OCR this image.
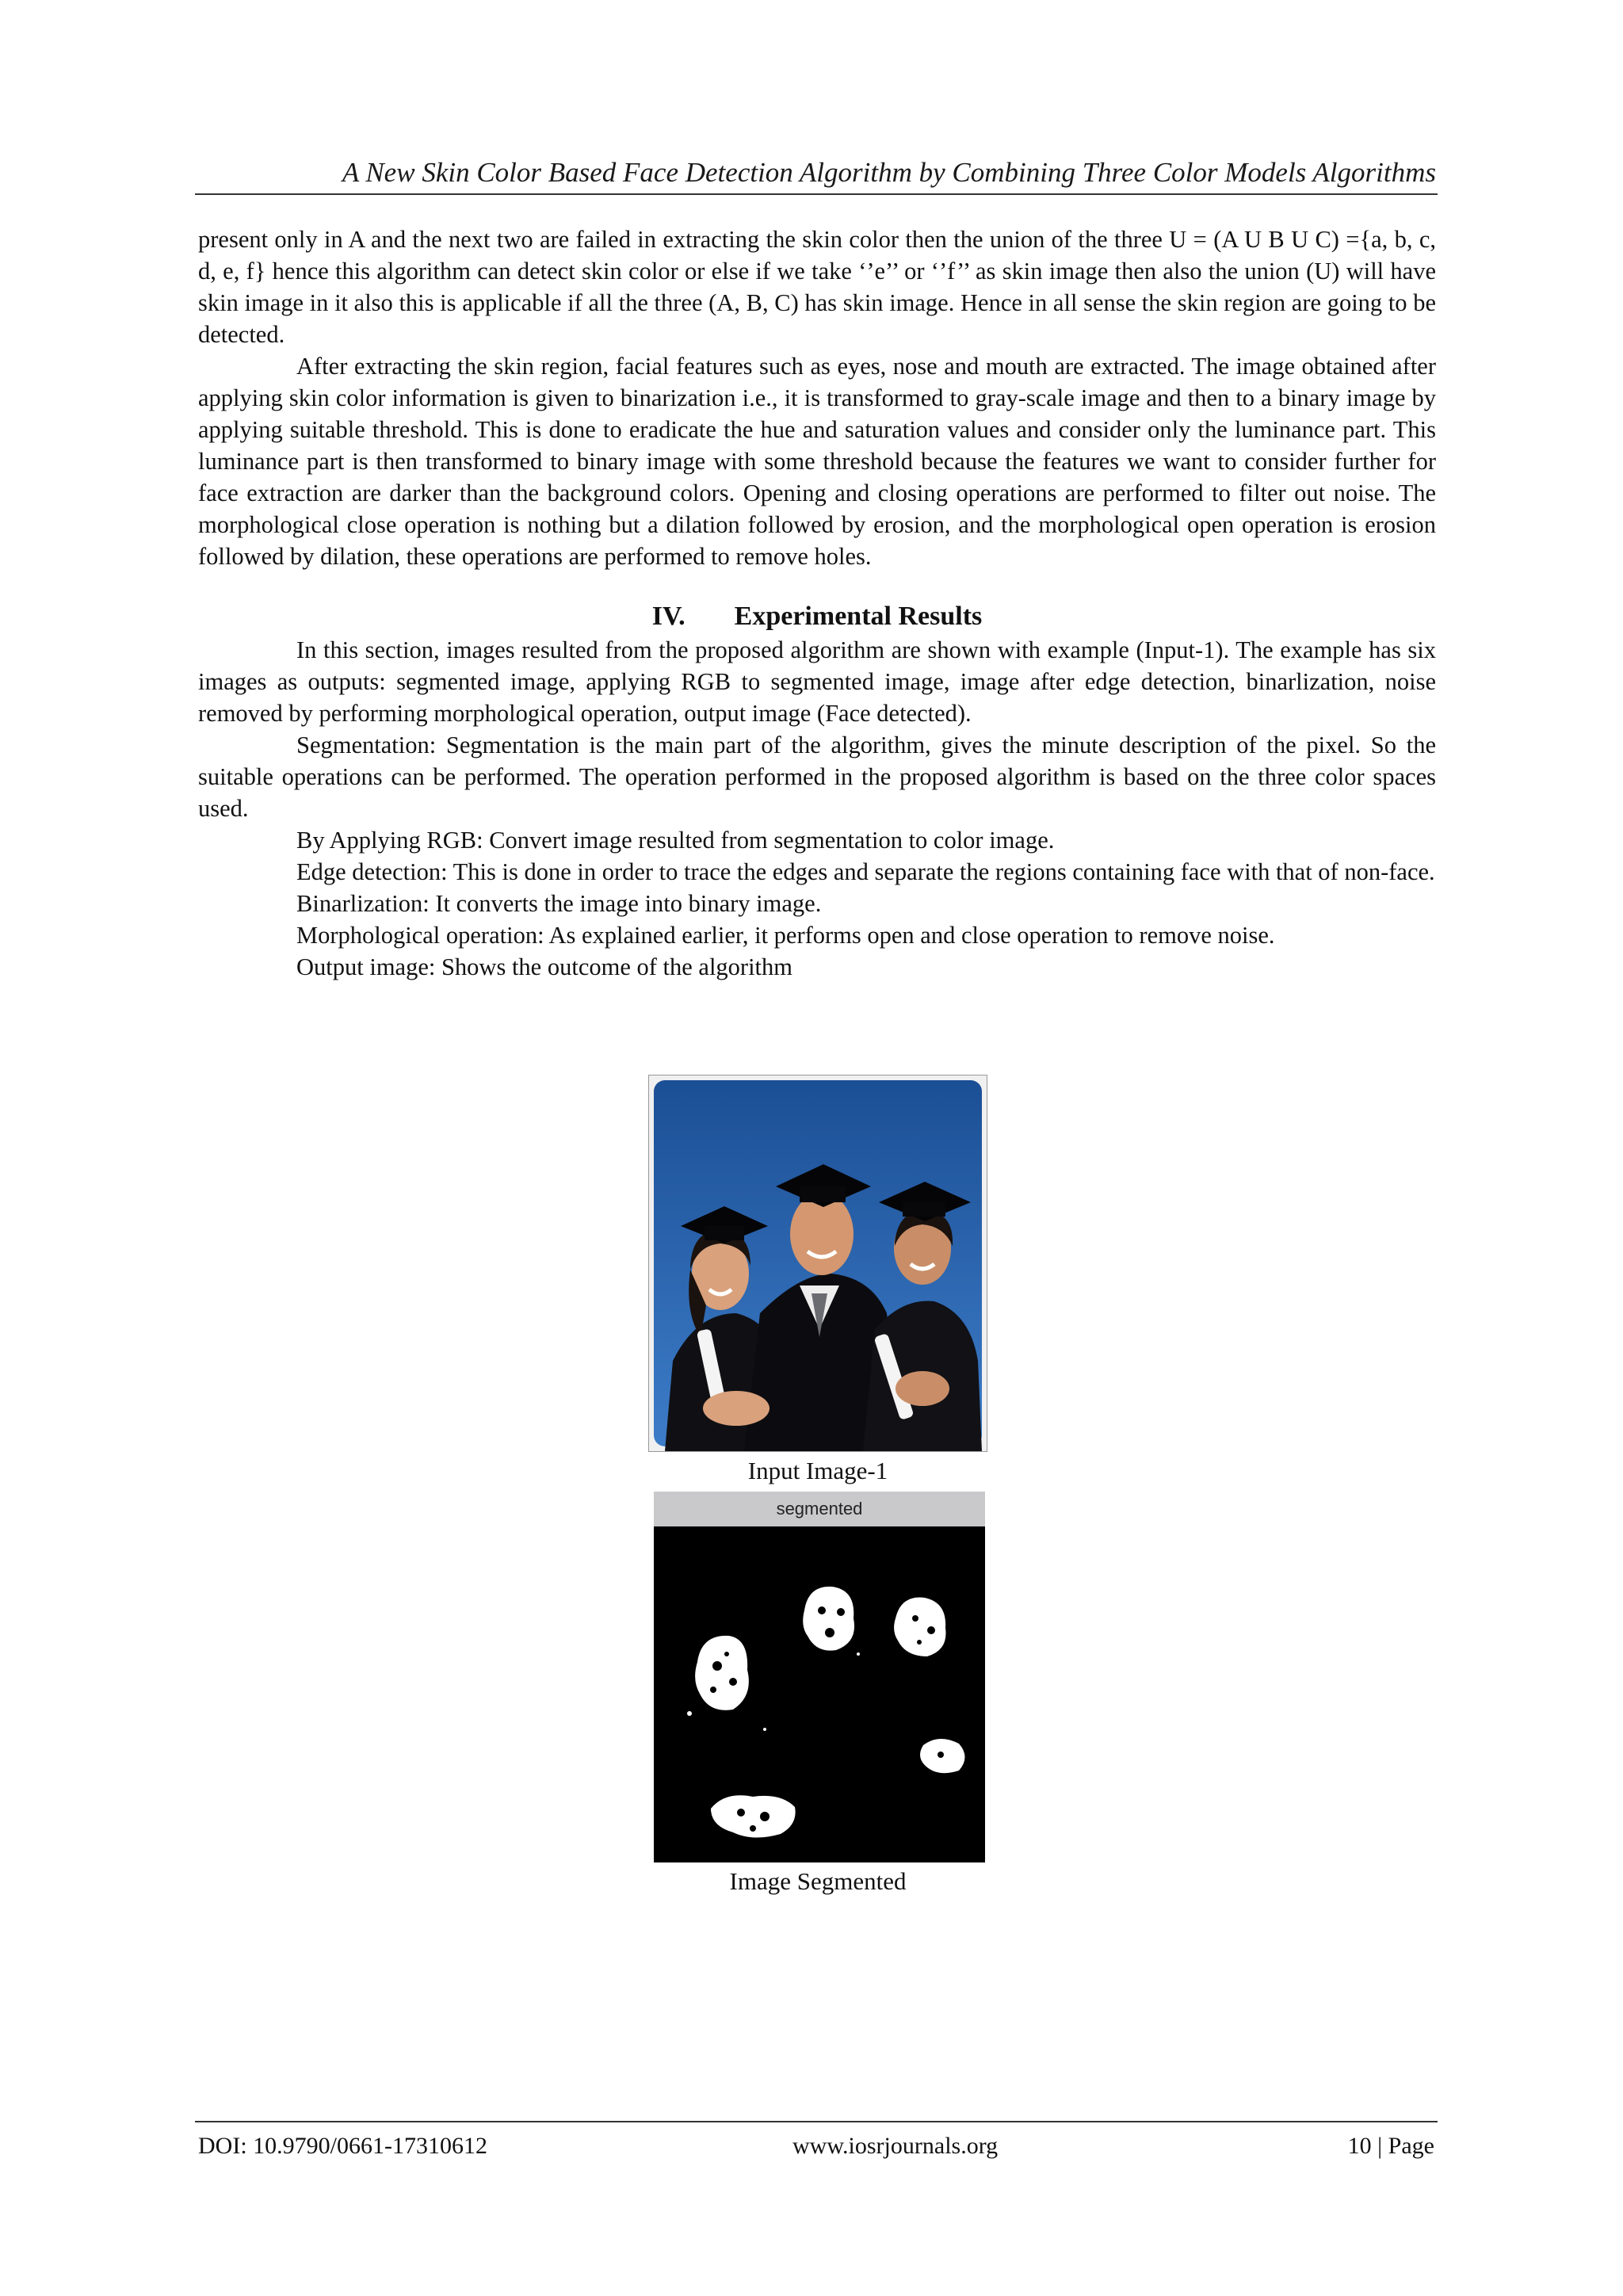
A New Skin Color Based Face Detection Algorithm by Combining Three Color Models Algorithms

present only in A and the next two are failed in extracting the skin color then the union of the three U = (A U B U C) ={a, b, c, d, e, f} hence this algorithm can detect skin color or else if we take ‘’e’’ or ‘’f’’ as skin image then also the union (U) will have skin image in it also this is applicable if all the three (A, B, C) has skin image. Hence in all sense the skin region are going to be detected.

After extracting the skin region, facial features such as eyes, nose and mouth are extracted. The image obtained after applying skin color information is given to binarization i.e., it is transformed to gray-scale image and then to a binary image by applying suitable threshold. This is done to eradicate the hue and saturation values and consider only the luminance part. This luminance part is then transformed to binary image with some threshold because the features we want to consider further for face extraction are darker than the background colors. Opening and closing operations are performed to filter out noise. The morphological close operation is nothing but a dilation followed by erosion, and the morphological open operation is erosion followed by dilation, these operations are performed to remove holes.

IV. Experimental Results

In this section, images resulted from the proposed algorithm are shown with example (Input-1). The example has six images as outputs: segmented image, applying RGB to segmented image, image after edge detection, binarlization, noise removed by performing morphological operation, output image (Face detected).

Segmentation: Segmentation is the main part of the algorithm, gives the minute description of the pixel. So the suitable operations can be performed. The operation performed in the proposed algorithm is based on the three color spaces used.

By Applying RGB: Convert image resulted from segmentation to color image.

Edge detection: This is done in order to trace the edges and separate the regions containing face with that of non-face.

Binarlization: It converts the image into binary image.

Morphological operation: As explained earlier, it performs open and close operation to remove noise.

Output image: Shows the outcome of the algorithm

Input Image-1
segmented
Image Segmented
DOI: 10.9790/0661-17310612	www.iosrjournals.org	10 | Page
